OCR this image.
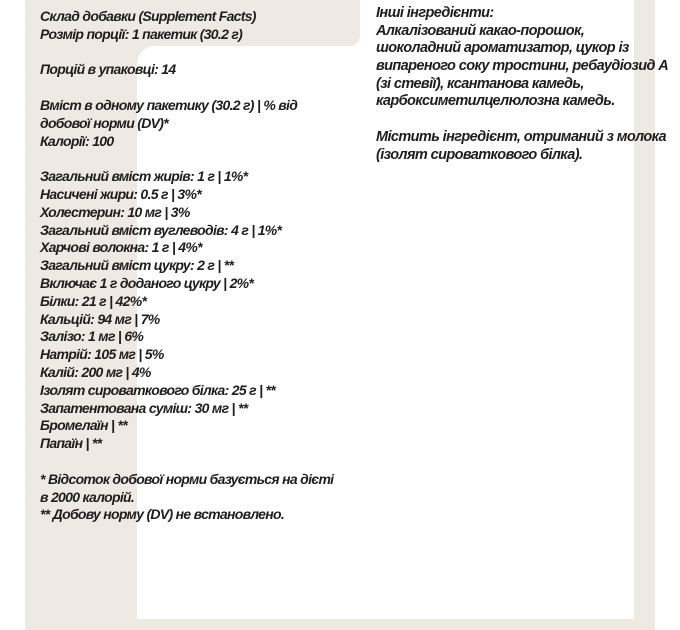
Склад добавки (Supplement Facts)
Розмір порції: 1 пакетик (30.2 г)

Порцій в упаковці: 14

Вміст в одному пакетику (30.2 г) | % від
добової норми (DV)*
Калорії: 100

Загальний вміст жирів: 1 г | 1%*
Насичені жири: 0.5 г | 3%*
Холестерин: 10 мг | 3%
Загальний вміст вуглеводів: 4 г | 1%*
Харчові волокна: 1 г | 4%*
Загальний вміст цукру: 2 г | **
Включає 1 г доданого цукру | 2%*
Білки: 21 г | 42%*
Кальцій: 94 мг | 7%
Залізо: 1 мг | 6%
Натрій: 105 мг | 5%
Калій: 200 мг | 4%
Ізолят сироваткового білка: 25 г | **
Запатентована суміш: 30 мг | **
Бромелаїн | **
Папаїн | **

* Відсоток добової норми базується на дієті
в 2000 калорій.
** Добову норму (DV) не встановлено.
Інші інгредієнти:
Алкалізований какао-порошок,
шоколадний ароматизатор, цукор із
випареного соку тростини, ребаудіозид А
(зі стевії), ксантанова камедь,
карбоксиметилцелюлозна камедь.

Містить інгредієнт, отриманий з молока
(ізолят сироваткового білка).
